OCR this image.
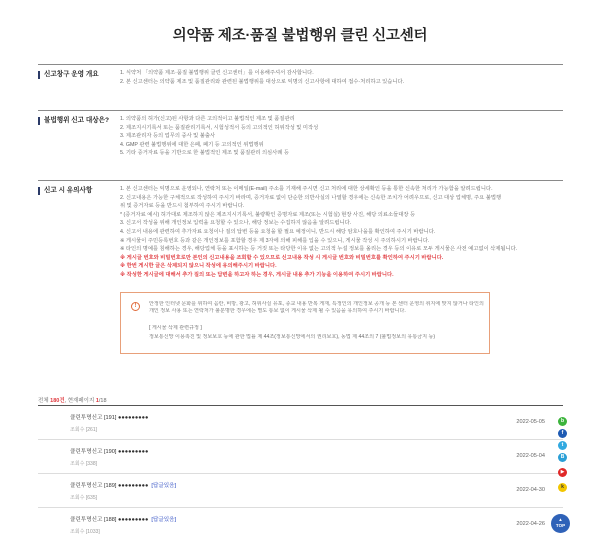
의약품 제조·품질 불법행위 클린 신고센터
신고창구 운영 개요	1. 식약처 「의약품 제조·품질 불법행위 클린 신고센터」를 이용해주셔서 감사합니다.
2. 본 신고센터는 의약품 제조 및 품질관리와 관련된 불법행위를 대상으로 익명의 신고사항에 대하여 접수·처리하고 있습니다.
불법행위 신고 대상은?	1. 의약품의 허가(신고)된 사항과 다른 고의적이고 불법적인 제조 및 품질관리
2. 제조지시기록서 또는 품질관리기록서, 시험성적서 등의 고의적인 허위작성 및 미작성
3. 제조관리자 등의 업무의 중사 및 불출사
4. GMP 관련 불법행위에 대한 은폐, 폐기 등 고의적인 위법행위
5. 기타 증거자료 등을 기반으로 한 불법적인 제조 및 품질관리 의심사례 등
신고 시 유의사항	1. 본 신고센터는 익명으로 운영되나, 연락처 또는 이메일(E-mail) 주소를 기재해 주시면 신고 처리에 대한 상세확인 등을 통한 신속한 처리가 가능함을 알려드립니다.
2. 신고내용은 가능한 구체적으로 작성하여 주시기 바라며, 증거자료 없이 단순한 의반사실의 나열할 경우에는 신속한 조치가 어려우므로, 신고 대상 업체명, 주요 불법행
위 및 증거자료 등을 반드시 첨부하여 주시기 바랍니다.
* (증거자료 예시) 허가대로 제조하지 않은 제조지시기록서, 불량확인 증명자료 제조(또는 시험실) 현장 사진, 해당 의료소들대장 등
3. 신고서 작성을 위해 개인정보 입력을 요청할 수 있으나, 해당 정보는 수집하지 않음을 알려드립니다.
4. 신고서 내용에 관련하여 추가자료 요청이나 질의 답변 등을 요청을 할 필요 예정이니, 반드시 해당 암호나을를 확인하여 주시기 바랍니다.
※ 게시물이 주민등록번호 등과 같은 개인정보를 포함할 경우 제 3자에 의해 피해를 입을 수 있으니, 게시물 작성 시 주의하시기 바랍니다.
※ 타인의 명예를 침해하는 경우, 해당업체 등을 표시하는 등 거짓 또는 타당한 이유 없는 고의적 누설 정보를 올리는 경우 등의 이유로 모두 게시물은 사전 예고없이 삭제됩니다.
※ 게시글 번호와 비밀번호로만 본인의 신고내용을 조회할 수 있으므로 신고내용 작성 시 게시글 번호와 비밀번호를 확인하여 주시기 바랍니다.
※ 한번 게시한 글은 삭제되지 않으니 작성에 유의해주시기 바랍니다.
※ 작성한 게시글에 대해서 추가 질의 또는 답변을 하고자 하는 경우, 게시글 내용 추가 기능을 이용하여 주시기 바랍니다.
!	안정한 인터넷 문화를 위하여 음란, 비방, 광고, 허위사실 유포, 종교 내용 반복 게재, 특정인의 개인정보 공개 등 본 센터 운영의 취지에 맞지 않거나 타인의
개인 정보 사용 또는 연락처가 불분명한 경우에는 별도 통보 없이 게시물 삭제 될 수 있음을 유의하여 주시기 바랍니다.
[ 게시물 삭제 관련규정 ]
정보통신망 이용촉진 및 정보보호 등에 관한 법률 제 44조(정보통신망에서의 권리보호), 동법 제 44조의 7 (불법정보의 유통금지 등)
전체 180건, 현재페이지 1/18
클린투명신고 [191] ●●●●●●●●●
조회수 [261]
2022-05-05
클린투명신고 [190] ●●●●●●●●●
조회수 [338]
2022-05-04
클린투명신고 [189] ●●●●●●●●● [답글있음]
조회수 [635]
2022-04-30
클린투명신고 [188] ●●●●●●●●● [답글있음]
조회수 [1033]
2022-04-26
b
f
t
B
▶
k
▲
TOP
